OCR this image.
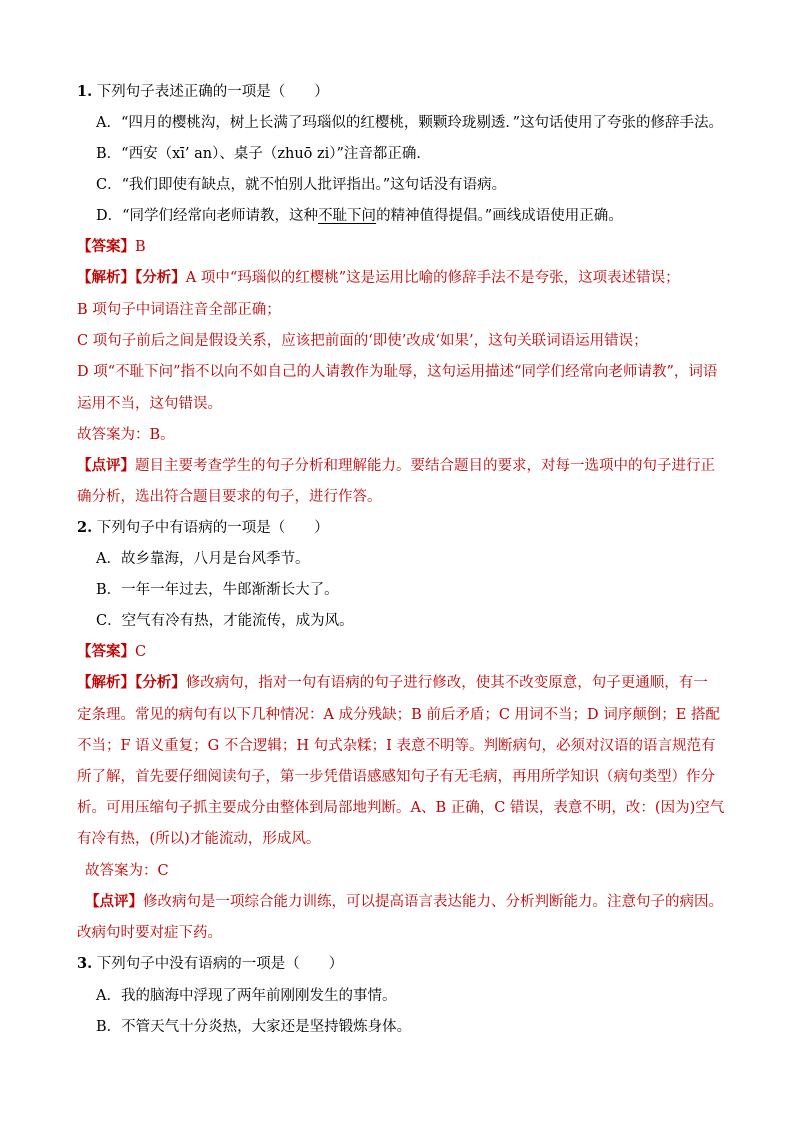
1. 下列句子表述正确的一项是（　　）
A．“四月的樱桃沟，树上长满了玛瑙似的红樱桃，颗颗玲珑剔透．”这句话使用了夸张的修辞手法。
B．“西安（xī’ an）、桌子（zhuō zi）”注音都正确．
C．“我们即使有缺点，就不怕别人批评指出。”这句话没有语病。
D．“同学们经常向老师请教，这种不耻下问的精神值得提倡。”画线成语使用正确。
【答案】B
【解析】【分析】A 项中“玛瑙似的红樱桃”这是运用比喻的修辞手法不是夸张，这项表述错误；
B 项句子中词语注音全部正确；
C 项句子前后之间是假设关系，应该把前面的‘即使’改成‘如果’，这句关联词语运用错误；
D 项“不耻下问”指不以向不如自己的人请教作为耻辱，这句运用描述“同学们经常向老师请教”，词语
运用不当，这句错误。
故答案为：B。
【点评】题目主要考查学生的句子分析和理解能力。要结合题目的要求，对每一选项中的句子进行正
确分析，选出符合题目要求的句子，进行作答。
2. 下列句子中有语病的一项是（　　）
A．故乡靠海，八月是台风季节。
B．一年一年过去，牛郎渐渐长大了。
C．空气有冷有热，才能流传，成为风。
【答案】C
【解析】【分析】修改病句，指对一句有语病的句子进行修改，使其不改变原意，句子更通顺，有一
定条理。常见的病句有以下几种情况：A 成分残缺；B 前后矛盾；C 用词不当；D 词序颠倒；E 搭配
不当；F 语义重复；G 不合逻辑；H 句式杂糅；I 表意不明等。判断病句，必须对汉语的语言规范有
所了解，首先要仔细阅读句子，第一步凭借语感感知句子有无毛病，再用所学知识（病句类型）作分
析。可用压缩句子抓主要成分由整体到局部地判断。A、B 正确，C 错误，表意不明，改：(因为)空气
有冷有热，(所以)才能流动，形成风。
故答案为：C
【点评】修改病句是一项综合能力训练，可以提高语言表达能力、分析判断能力。注意句子的病因。
改病句时要对症下药。
3. 下列句子中没有语病的一项是（　　）
A．我的脑海中浮现了两年前刚刚发生的事情。
B．不管天气十分炎热，大家还是坚持锻炼身体。
